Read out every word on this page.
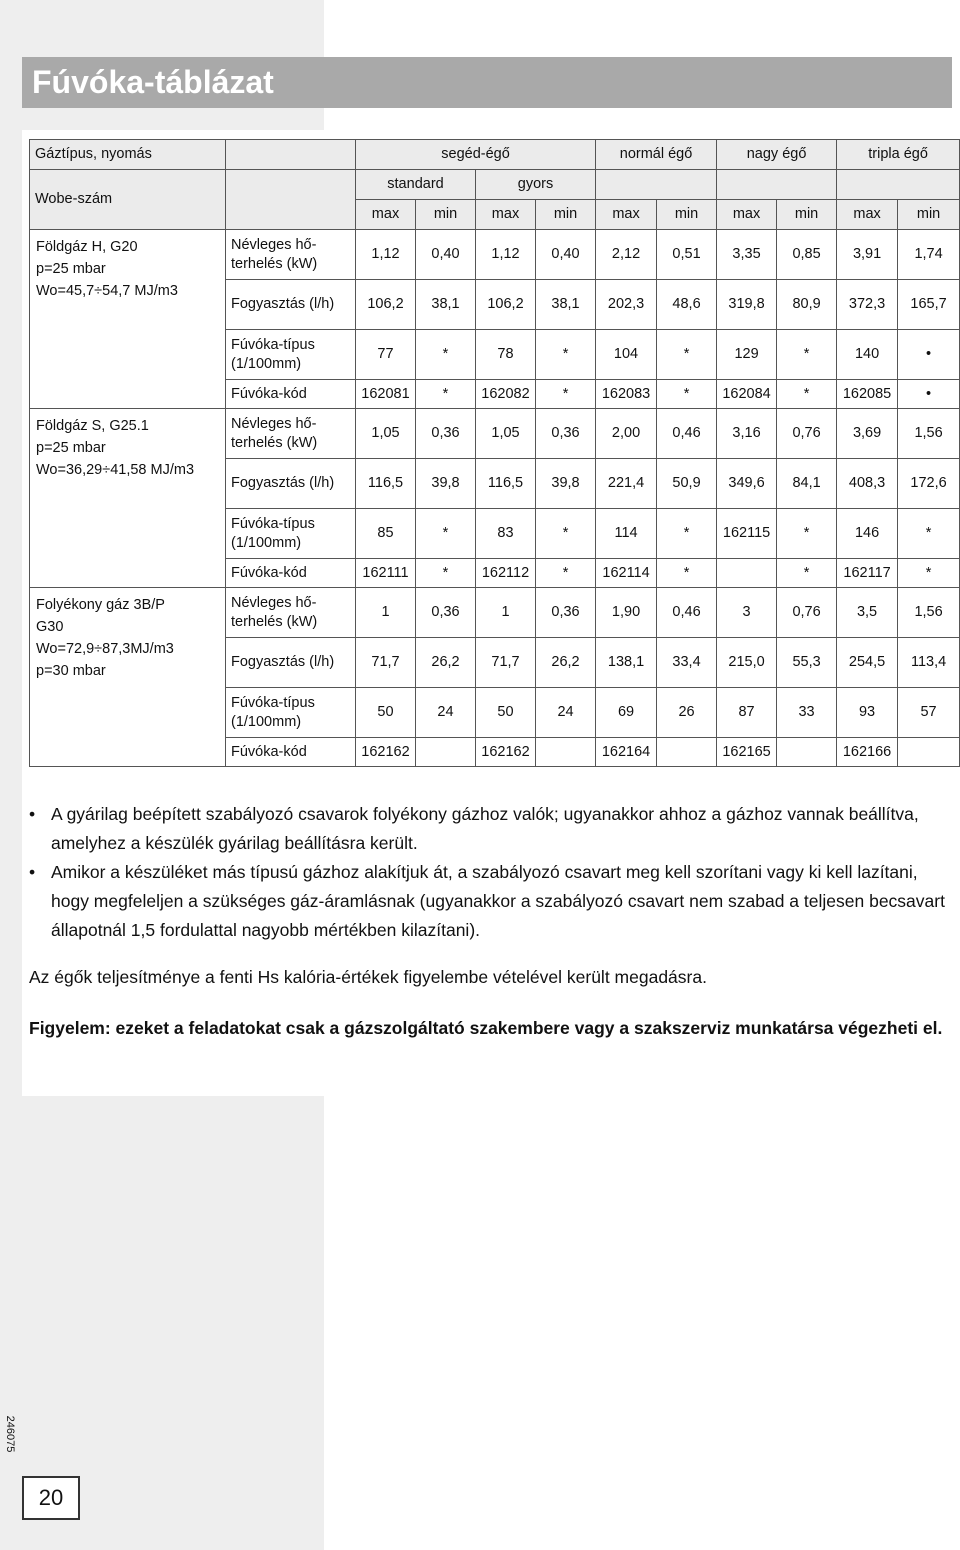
Fúvóka-táblázat
Gáztípus, nyomás		segéd-égő				normál égő		nagy égő		tripla égő	
Wobe-szám		standard		gyors							
		max	min	max	min	max	min	max	min	max	min

Földgáz H, G20
p=25 mbar
Wo=45,7÷54,7 MJ/m3	Névleges hő-terhelés (kW)	1,12	0,40	1,12	0,40	2,12	0,51	3,35	0,85	3,91	1,74
	Fogyasztás (l/h)	106,2	38,1	106,2	38,1	202,3	48,6	319,8	80,9	372,3	165,7
	Fúvóka-típus (1/100mm)	77	*	78	*	104	*	129	*	140	•
	Fúvóka-kód	162081	*	162082	*	162083	*	162084	*	162085	•

Földgáz S, G25.1
p=25 mbar
Wo=36,29÷41,58 MJ/m3	Névleges hő-terhelés (kW)	1,05	0,36	1,05	0,36	2,00	0,46	3,16	0,76	3,69	1,56
	Fogyasztás (l/h)	116,5	39,8	116,5	39,8	221,4	50,9	349,6	84,1	408,3	172,6
	Fúvóka-típus (1/100mm)	85	*	83	*	114	*	162115	*	146	*
	Fúvóka-kód	162111	*	162112	*	162114	*		*	162117	*

Folyékony gáz 3B/P
G30
Wo=72,9÷87,3MJ/m3
p=30 mbar	Névleges hő-terhelés (kW)	1	0,36	1	0,36	1,90	0,46	3	0,76	3,5	1,56
	Fogyasztás (l/h)	71,7	26,2	71,7	26,2	138,1	33,4	215,0	55,3	254,5	113,4
	Fúvóka-típus (1/100mm)	50	24	50	24	69	26	87	33	93	57
	Fúvóka-kód	162162		162162		162164		162165		162166	
• A gyárilag beépített szabályozó csavarok folyékony gázhoz valók; ugyanakkor ahhoz a gázhoz vannak beállítva, amelyhez a készülék gyárilag beállításra került.
• Amikor a készüléket más típusú gázhoz alakítjuk át, a szabályozó csavart meg kell szorítani vagy ki kell lazítani, hogy megfeleljen a szükséges gáz-áramlásnak (ugyanakkor a szabályozó csavart nem szabad a teljesen becsavart állapotnál 1,5 fordulattal nagyobb mértékben kilazítani).

Az égők teljesítménye a fenti Hs kalória-értékek figyelembe vételével került megadásra.

Figyelem: ezeket a feladatokat csak a gázszolgáltató szakembere vagy a szakszerviz munkatársa végezheti el.

246075
20
